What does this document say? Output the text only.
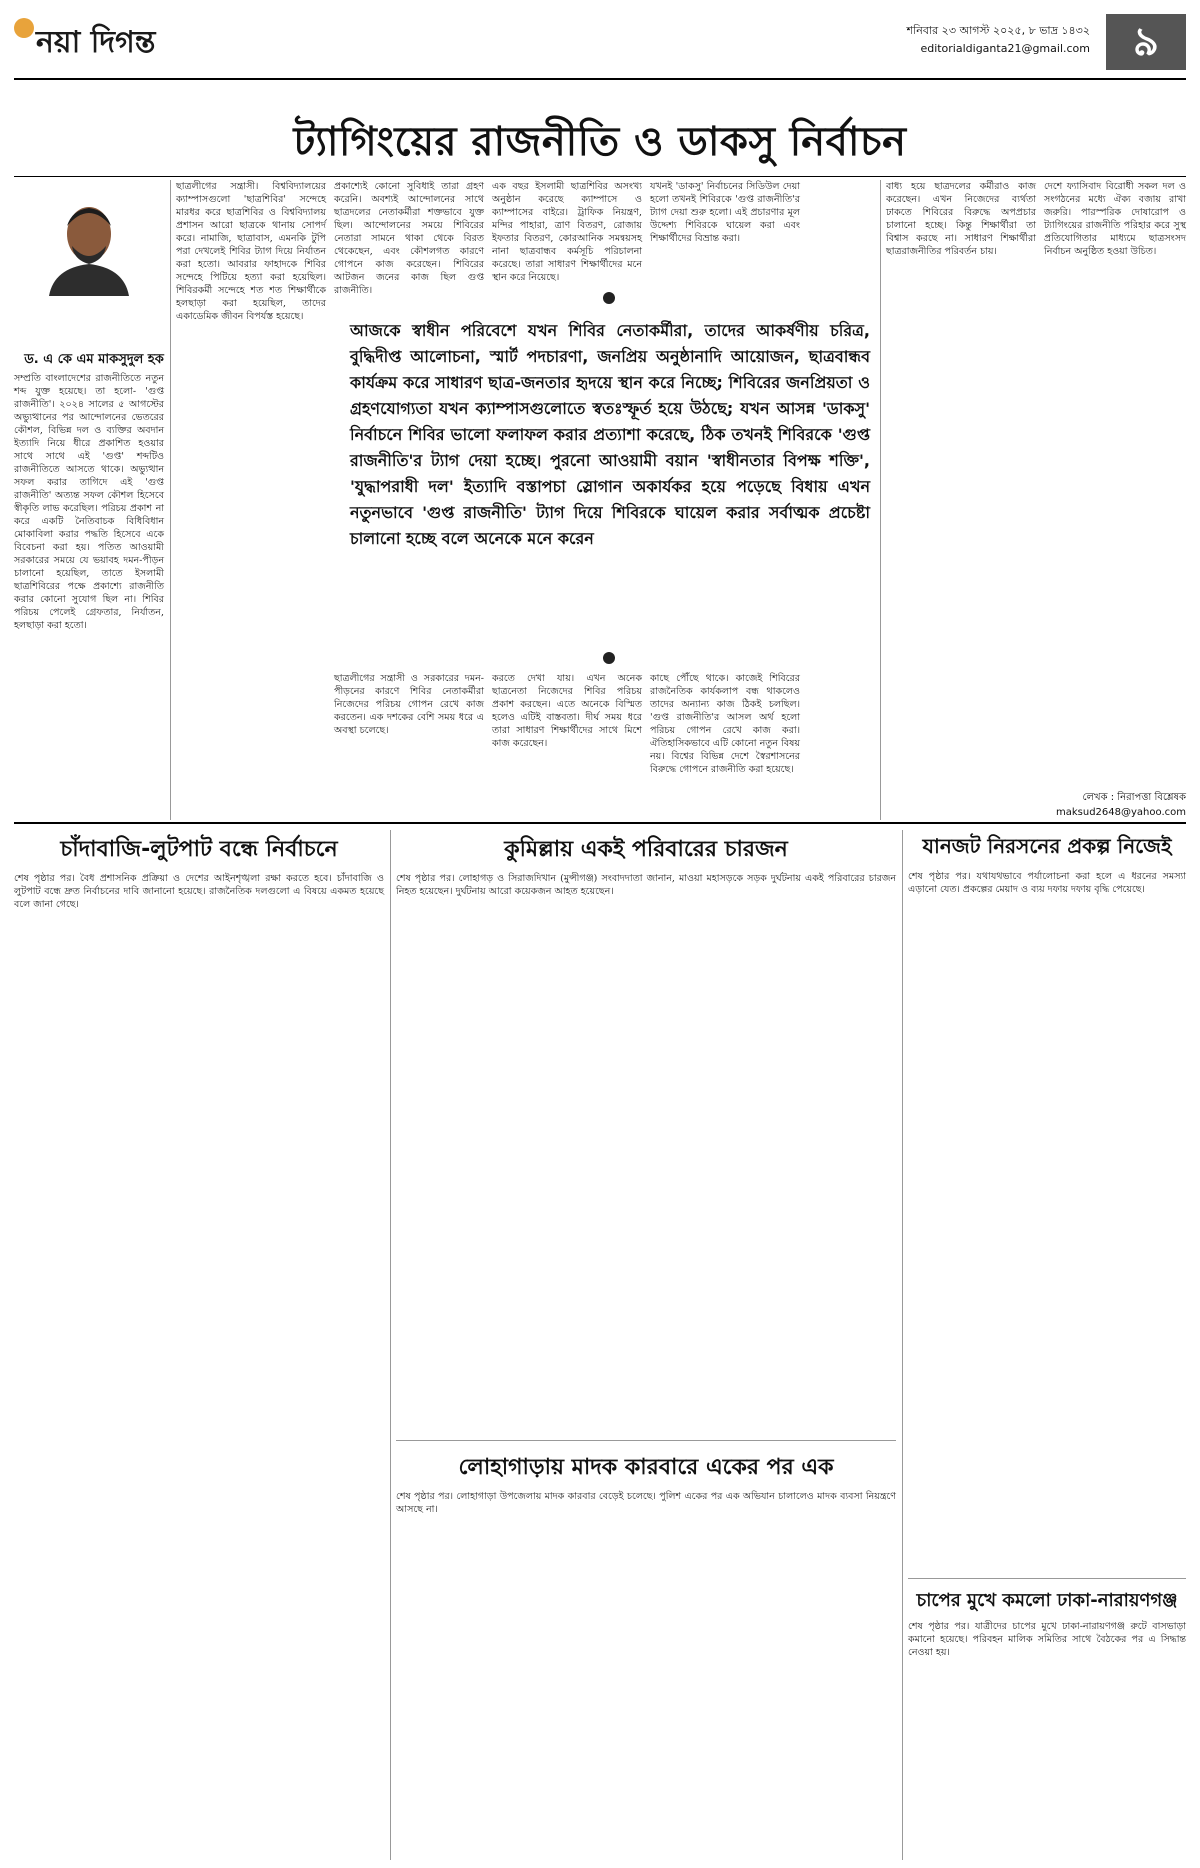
নয়া দিগন্ত	শনিবার ২৩ আগস্ট ২০২৫, ৮ ভাদ্র ১৪৩২
editorialdiganta21@gmail.com	৯
ট্যাগিংয়ের রাজনীতি ও ডাকসু নির্বাচন
ড. এ কে এম মাকসুদুল হক
সম্প্রতি বাংলাদেশের রাজনীতিতে নতুন শব্দ যুক্ত হয়েছে। তা হলো- 'গুপ্ত রাজনীতি'। ২০২৪ সালের ৫ আগস্টের অভ্যুত্থানের পর আন্দোলনের ভেতরের কৌশল, বিভিন্ন দল ও ব্যক্তির অবদান ইত্যাদি নিয়ে ধীরে প্রকাশিত হওয়ার সাথে সাথে এই 'গুপ্ত' শব্দটিও রাজনীতিতে আসতে থাকে। অভ্যুত্থান সফল করার তাগিদে এই 'গুপ্ত রাজনীতি' অত্যন্ত সফল কৌশল হিসেবে স্বীকৃতি লাভ করেছিল। পরিচয় প্রকাশ না করে একটি নৈতিবাচক বিধিবিধান মোকাবিলা করার পদ্ধতি হিসেবে একে বিবেচনা করা হয়। পতিত আওয়ামী সরকারের সময়ে যে ভয়াবহ দমন-পীড়ন চালানো হয়েছিল, তাতে ইসলামী ছাত্রশিবিরের পক্ষে প্রকাশ্যে রাজনীতি করার কোনো সুযোগ ছিল না। শিবির পরিচয় পেলেই গ্রেফতার, নির্যাতন, হলছাড়া করা হতো।
ছাত্রলীগের সন্ত্রাসী। বিশ্ববিদ্যালয়ের ক্যাম্পাসগুলো 'ছাত্রশিবির' সন্দেহে মারধর করে ছাত্রশিবির ও বিশ্ববিদ্যালয় প্রশাসন আরো ছাত্রকে থানায় সোপর্দ করে। নামাজি, ছাত্রাবাস, এমনকি টুপি পরা দেখলেই শিবির ট্যাগ দিয়ে নির্যাতন করা হতো। আবরার ফাহাদকে শিবির সন্দেহে পিটিয়ে হত্যা করা হয়েছিল। শিবিরকর্মী সন্দেহে শত শত শিক্ষার্থীকে হলছাড়া করা হয়েছিল, তাদের একাডেমিক জীবন বিপর্যস্ত হয়েছে।
প্রকাশ্যেই কোনো সুবিধাই তারা গ্রহণ করেনি। অবশ্যই আন্দোলনের সাথে ছাত্রদলের নেতাকর্মীরা শক্তভাবে যুক্ত ছিল। আন্দোলনের সময়ে শিবিরের নেতারা সামনে থাকা থেকে বিরত থেকেছেন, এবং কৌশলগত কারণে গোপনে কাজ করেছেন। শিবিরের আটজন জনের কাজ ছিল গুপ্ত রাজনীতি।
এক বছর ইসলামী ছাত্রশিবির অসংখ্য অনুষ্ঠান করেছে ক্যাম্পাসে ও ক্যাম্পাসের বাইরে। ট্রাফিক নিয়ন্ত্রণ, মন্দির পাহারা, ত্রাণ বিতরণ, রোজায় ইফতার বিতরণ, কোরআনিক সমন্বয়সহ নানা ছাত্রবান্ধব কর্মসূচি পরিচালনা করেছে। তারা সাধারণ শিক্ষার্থীদের মনে স্থান করে নিয়েছে।
আজকে স্বাধীন পরিবেশে যখন শিবির নেতাকর্মীরা, তাদের আকর্ষণীয় চরিত্র, বুদ্ধিদীপ্ত আলোচনা, স্মার্ট পদচারণা, জনপ্রিয় অনুষ্ঠানাদি আয়োজন, ছাত্রবান্ধব কার্যক্রম করে সাধারণ ছাত্র-জনতার হৃদয়ে স্থান করে নিচ্ছে; শিবিরের জনপ্রিয়তা ও গ্রহণযোগ্যতা যখন ক্যাম্পাসগুলোতে স্বতঃস্ফূর্ত হয়ে উঠছে; যখন আসন্ন 'ডাকসু' নির্বাচনে শিবির ভালো ফলাফল করার প্রত্যাশা করেছে, ঠিক তখনই শিবিরকে 'গুপ্ত রাজনীতি'র ট্যাগ দেয়া হচ্ছে। পুরনো আওয়ামী বয়ান 'স্বাধীনতার বিপক্ষ শক্তি', 'যুদ্ধাপরাধী দল' ইত্যাদি বস্তাপচা স্লোগান অকার্যকর হয়ে পড়েছে বিধায় এখন নতুনভাবে 'গুপ্ত রাজনীতি' ট্যাগ দিয়ে শিবিরকে ঘায়েল করার সর্বাত্মক প্রচেষ্টা চালানো হচ্ছে বলে অনেকে মনে করেন
ছাত্রলীগের সন্ত্রাসী ও সরকারের দমন-পীড়নের কারণে শিবির নেতাকর্মীরা নিজেদের পরিচয় গোপন রেখে কাজ করতেন। এক দশকের বেশি সময় ধরে এ অবস্থা চলেছে।
করতে দেখা যায়। এখন অনেক ছাত্রনেতা নিজেদের শিবির পরিচয় প্রকাশ করছেন। এতে অনেকে বিস্মিত হলেও এটিই বাস্তবতা। দীর্ঘ সময় ধরে তারা সাধারণ শিক্ষার্থীদের সাথে মিশে কাজ করেছেন।
যখনই 'ডাকসু' নির্বাচনের সিডিউল দেয়া হলো তখনই শিবিরকে 'গুপ্ত রাজনীতি'র ট্যাগ দেয়া শুরু হলো। এই প্রচারণার মূল উদ্দেশ্য শিবিরকে ঘায়েল করা এবং শিক্ষার্থীদের বিভ্রান্ত করা।
কাছে পৌঁছে থাকে। কাজেই শিবিরের রাজনৈতিক কার্যকলাপ বন্ধ থাকলেও তাদের অন্যান্য কাজ ঠিকই চলছিল। 'গুপ্ত রাজনীতি'র আসল অর্থ হলো পরিচয় গোপন রেখে কাজ করা। ঐতিহাসিকভাবে এটি কোনো নতুন বিষয় নয়। বিশ্বের বিভিন্ন দেশে স্বৈরশাসনের বিরুদ্ধে গোপনে রাজনীতি করা হয়েছে।
বাধ্য হয়ে ছাত্রদলের কর্মীরাও কাজ করেছেন। এখন নিজেদের ব্যর্থতা ঢাকতে শিবিরের বিরুদ্ধে অপপ্রচার চালানো হচ্ছে। কিন্তু শিক্ষার্থীরা তা বিশ্বাস করছে না। সাধারণ শিক্ষার্থীরা ছাত্ররাজনীতির পরিবর্তন চায়।
দেশে ফ্যাসিবাদ বিরোধী সকল দল ও সংগঠনের মধ্যে ঐক্য বজায় রাখা জরুরি। পারস্পরিক দোষারোপ ও ট্যাগিংয়ের রাজনীতি পরিহার করে সুস্থ প্রতিযোগিতার মাধ্যমে ছাত্রসংসদ নির্বাচন অনুষ্ঠিত হওয়া উচিত।
লেখক : নিরাপত্তা বিশ্লেষক
maksud2648@yahoo.com
চাঁদাবাজি-লুটপাট বন্ধে নির্বাচনে
শেষ পৃষ্ঠার পর। বৈধ প্রশাসনিক প্রক্রিয়া ও দেশের আইনশৃঙ্খলা রক্ষা করতে হবে। চাঁদাবাজি ও লুটপাট বন্ধে দ্রুত নির্বাচনের দাবি জানানো হয়েছে। রাজনৈতিক দলগুলো এ বিষয়ে একমত হয়েছে বলে জানা গেছে।
কুমিল্লায় একই পরিবারের চারজন
শেষ পৃষ্ঠার পর। লোহাগড় ও সিরাজদিখান (মুন্সীগঞ্জ) সংবাদদাতা জানান, মাওয়া মহাসড়কে সড়ক দুর্ঘটনায় একই পরিবারের চারজন নিহত হয়েছেন। দুর্ঘটনায় আরো কয়েকজন আহত হয়েছেন।
লোহাগাড়ায় মাদক কারবারে একের পর এক
শেষ পৃষ্ঠার পর। লোহাগাড়া উপজেলায় মাদক কারবার বেড়েই চলেছে। পুলিশ একের পর এক অভিযান চালালেও মাদক ব্যবসা নিয়ন্ত্রণে আসছে না।
যানজট নিরসনের প্রকল্প নিজেই
শেষ পৃষ্ঠার পর। যথাযথভাবে পর্যালোচনা করা হলে এ ধরনের সমস্যা এড়ানো যেত। প্রকল্পের মেয়াদ ও ব্যয় দফায় দফায় বৃদ্ধি পেয়েছে।
চাপের মুখে কমলো ঢাকা-নারায়ণগঞ্জ
শেষ পৃষ্ঠার পর। যাত্রীদের চাপের মুখে ঢাকা-নারায়ণগঞ্জ রুটে বাসভাড়া কমানো হয়েছে। পরিবহন মালিক সমিতির সাথে বৈঠকের পর এ সিদ্ধান্ত নেওয়া হয়।
